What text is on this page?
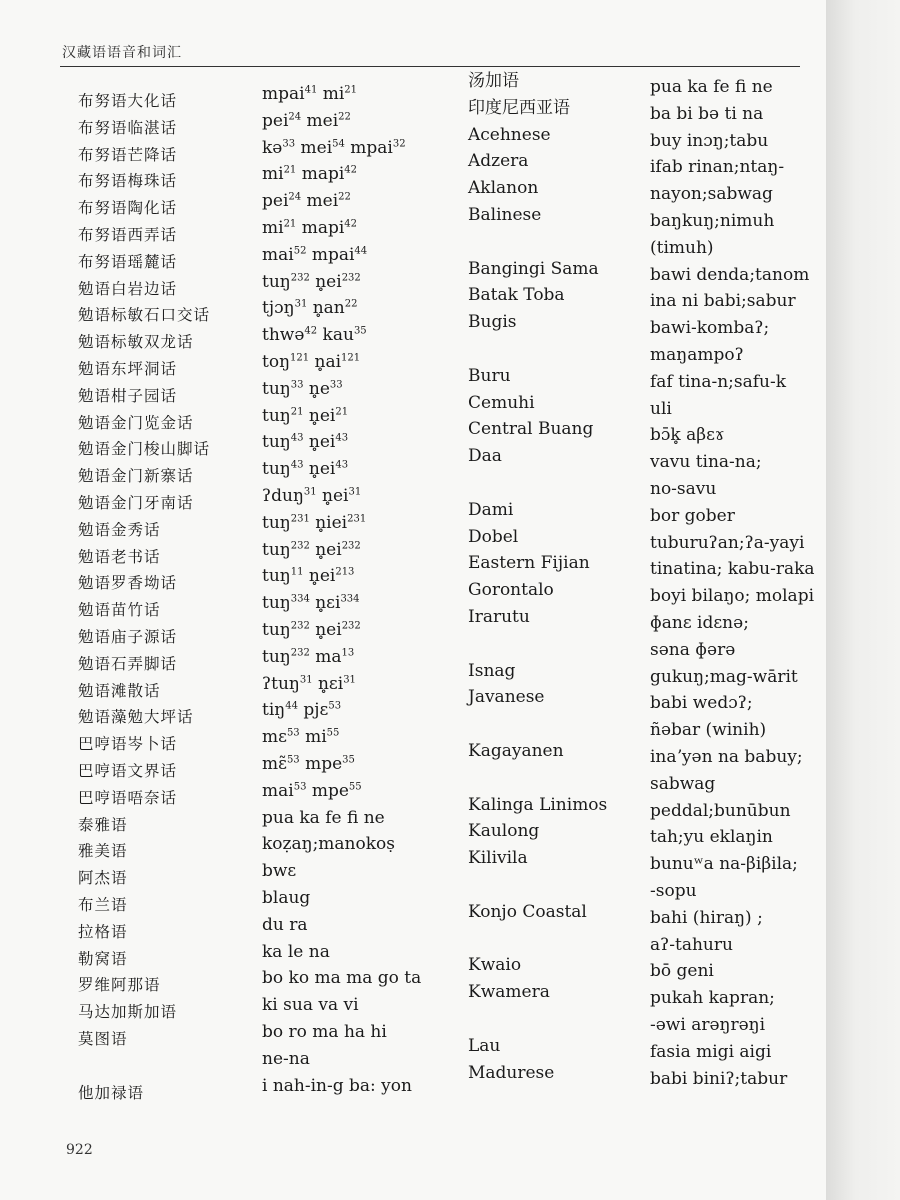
汉藏语语音和词汇
布努语大化话
布努语临湛话
布努语芒降话
布努语梅珠话
布努语陶化话
布努语西弄话
布努语瑶麓话
勉语白岩边话
勉语标敏石口交话
勉语标敏双龙话
勉语东坪洞话
勉语柑子园话
勉语金门览金话
勉语金门梭山脚话
勉语金门新寨话
勉语金门牙南话
勉语金秀话
勉语老书话
勉语罗香坳话
勉语苗竹话
勉语庙子源话
勉语石弄脚话
勉语滩散话
勉语藻勉大坪话
巴哼语岑卜话
巴哼语文界话
巴哼语唔奈话
泰雅语
雅美语
阿杰语
布兰语
拉格语
勒窝语
罗维阿那语
马达加斯加语
莫图语
他加禄语
mpai$^{41}$ $mi^{21}$
pei$^{24}$ mei$^{22}$
kə$^{33}$ mei$^{54}$ mpai$^{32}$
$mi^{21}$ mapi$^{42}$
pei$^{24}$ mei$^{22}$
$mi^{21}$ mapi$^{42}$
mai$^{52}$ mpai$^{44}$
tuŋ$^{232}$ $n̥ei^{232}$
tjɔŋ$^{31}$ $n̥an^{22}$
thwə$^{42}$ kau$^{35}$
toŋ$^{121}$ $n̥ai^{121}$
tuŋ$^{33}$ $n̥e^{33}$
tuŋ$^{21}$ $n̥ei^{21}$
tuŋ$^{43}$ $n̥ei^{43}$
tuŋ$^{43}$ $n̥ei^{43}$
ʔduŋ$^{31}$ $n̥ei^{31}$
tuŋ$^{231}$ n̥iei$^{231}$
tuŋ$^{232}$ $n̥ei^{232}$
tuŋ$^{11}$ $n̥ei^{213}$
tuŋ$^{334}$ n̥ɛi$^{334}$
tuŋ$^{232}$ $n̥ei^{232}$
tuŋ$^{232}$ $ma^{13}$
ʔtuŋ$^{31}$ n̥ɛi$^{31}$
tiŋ$^{44}$ pjɛ$^{53}$
mɛ$^{53}$ $mi^{55}$
mɛ̃$^{53}$ mpe$^{35}$
mai$^{53}$ mpe$^{55}$
pua ka fe fi ne
koẓaŋ;manokoṣ
bwɛ
blaug
du ra
ka le na
bo ko ma ma go ta
ki sua va vi
bo ro ma ha hi
ne-na
i nah-in-g ba: yon
汤加语
印度尼西亚语
Acehnese
Adzera
Aklanon
Balinese
Bangingi Sama
Batak Toba
Bugis
Buru
Cemuhi
Central Buang
Daa
Dami
Dobel
Eastern Fijian
Gorontalo
Irarutu
Isnag
Javanese
Kagayanen
Kalinga Linimos
Kaulong
Kilivila
Konjo Coastal
Kwaio
Kwamera
Lau
Madurese
pua ka fe fi ne
ba bi bə ti na
buy inɔŋ;tabu
ifab rinan;ntaŋ-
nayon;sabwag
baŋkuŋ;nimuh
(timuh)
bawi denda;tanom
ina ni babi;sabur
bawi-kombaʔ;
maŋampoʔ
faf tina-n;safu-k
uli
bɔ̄k̥ aβɛɤ
vavu tina-na;
no-savu
bor gober
tuburuʔan;ʔa-yayi
tinatina; kabu-raka
boyi bilaŋo; molapi
ɸanɛ idɛnə;
səna ɸərə
gukuŋ;mag-wārit
babi wedɔʔ;
ñəbar (winih)
inaʼyən na babuy;
sabwag
peddal;bunūbun
tah;yu eklaŋin
bunuʷa na-βiβila;
-sopu
bahi (hiraŋ) ;
aʔ-tahuru
bō geni
pukah kapran;
-əwi arəŋrəŋi
fasia migi aigi
babi biniʔ;tabur
922
